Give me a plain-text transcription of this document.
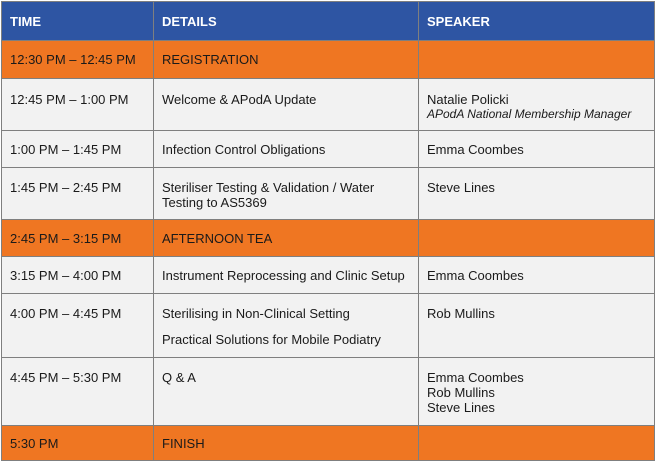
TIME	DETAILS	SPEAKER

12:30 PM – 12:45 PM	REGISTRATION	

12:45 PM – 1:00 PM	Welcome & APodA Update	Natalie Policki
APodA National Membership Manager

1:00 PM – 1:45 PM	Infection Control Obligations	Emma Coombes

1:45 PM – 2:45 PM	Steriliser Testing & Validation / Water
Testing to AS5369	Steve Lines

2:45 PM – 3:15 PM	AFTERNOON TEA	

3:15 PM – 4:00 PM	Instrument Reprocessing and Clinic Setup	Emma Coombes

4:00 PM – 4:45 PM	Sterilising in Non-Clinical Setting
Practical Solutions for Mobile Podiatry	Rob Mullins

4:45 PM – 5:30 PM	Q & A	Emma Coombes
Rob Mullins
Steve Lines

5:30 PM	FINISH	
